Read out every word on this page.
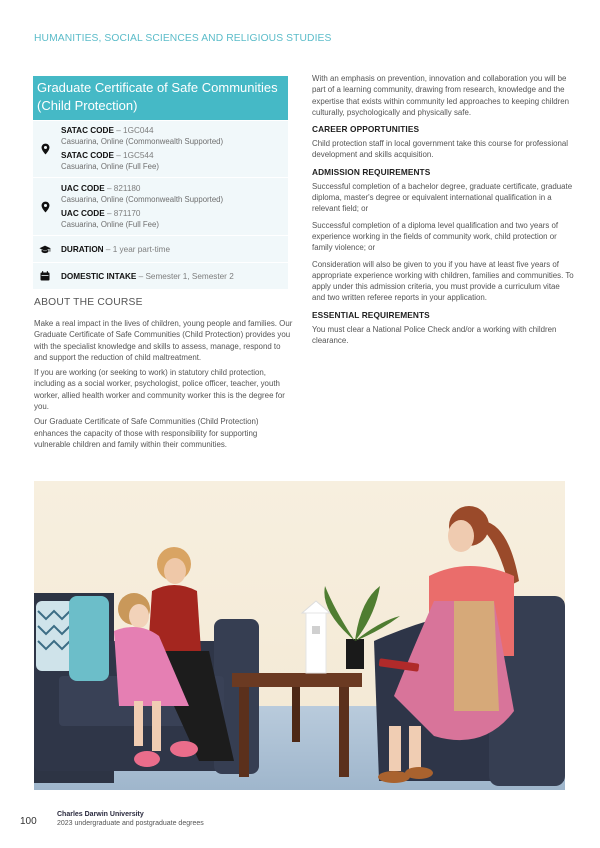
HUMANITIES, SOCIAL SCIENCES AND RELIGIOUS STUDIES
Graduate Certificate of Safe Communities
(Child Protection)
SATAC CODE – 1GC044
Casuarina, Online (Commonwealth Supported)
SATAC CODE – 1GC544
Casuarina, Online (Full Fee)
UAC CODE – 821180
Casuarina, Online (Commonwealth Supported)
UAC CODE – 871170
Casuarina, Online (Full Fee)
DURATION – 1 year part-time
DOMESTIC INTAKE – Semester 1, Semester 2
ABOUT THE COURSE

Make a real impact in the lives of children, young people and families. Our Graduate Certificate of Safe Communities (Child Protection) provides you with the specialist knowledge and skills to assess, manage, respond to and support the reduction of child maltreatment.

If you are working (or seeking to work) in statutory child protection, including as a social worker, psychologist, police officer, teacher, youth worker, allied health worker and community worker this is the degree for you.

Our Graduate Certificate of Safe Communities (Child Protection) enhances the capacity of those with responsibility for supporting vulnerable children and family within their communities.

With an emphasis on prevention, innovation and collaboration you will be part of a learning community, drawing from research, knowledge and the expertise that exists within community led approaches to keeping children culturally, psychologically and physically safe.

CAREER OPPORTUNITIES

Child protection staff in local government take this course for professional development and skills acquisition.

ADMISSION REQUIREMENTS

Successful completion of a bachelor degree, graduate certificate, graduate diploma, master's degree or equivalent international qualification in a relevant field; or

Successful completion of a diploma level qualification and two years of experience working in the fields of community work, child protection or family violence; or

Consideration will also be given to you if you have at least five years of appropriate experience working with children, families and communities. To apply under this admission criteria, you must provide a curriculum vitae and two written referee reports in your application.

ESSENTIAL REQUIREMENTS

You must clear a National Police Check and/or a working with children clearance.

100
Charles Darwin University
2023 undergraduate and postgraduate degrees
